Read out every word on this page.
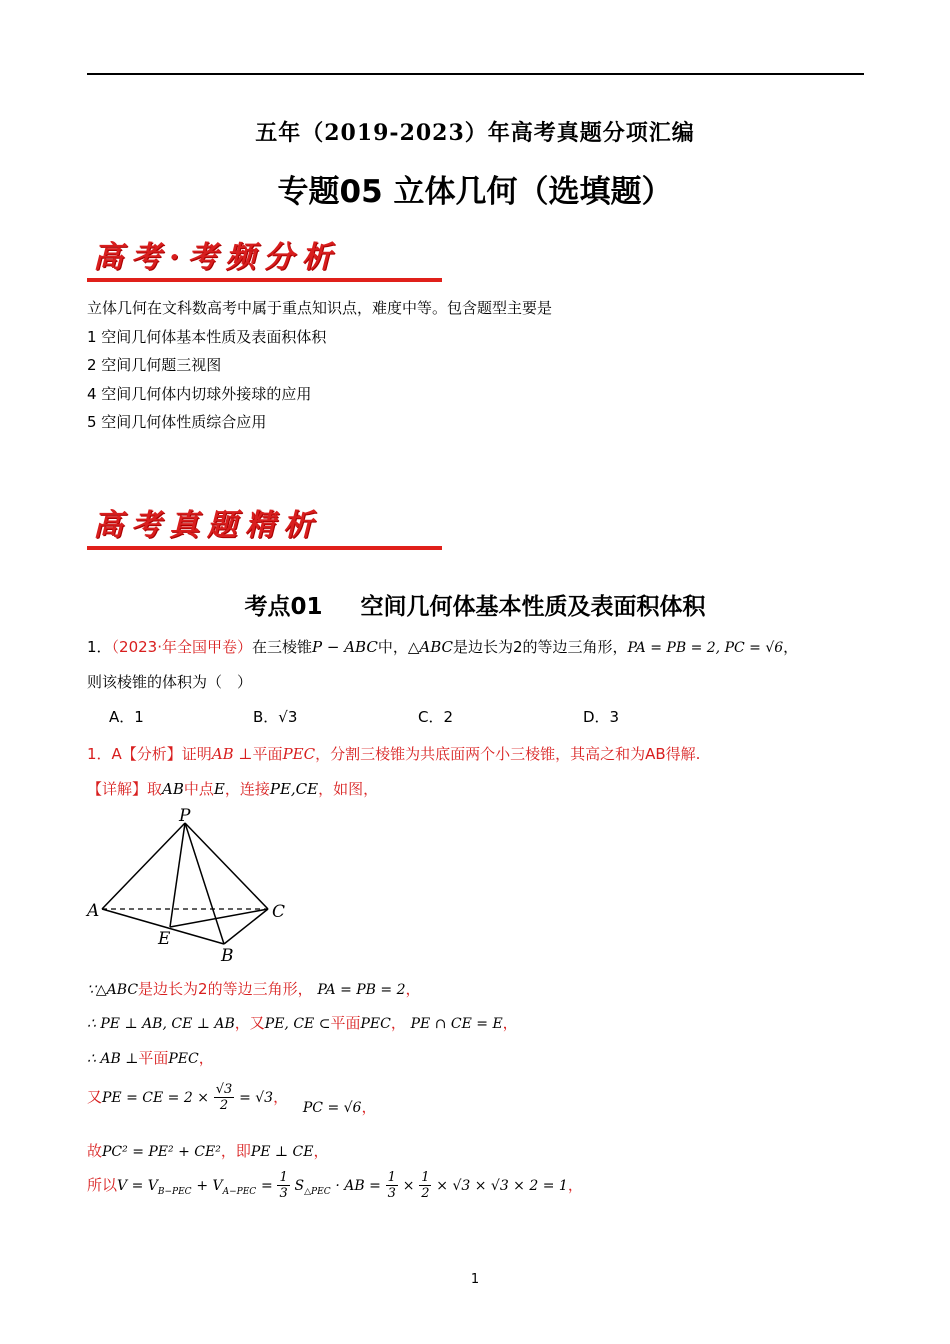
五年（2019-2023）年高考真题分项汇编
专题05 立体几何（选填题）
高考·考频分析

立体几何在文科数高考中属于重点知识点，难度中等。包含题型主要是

1 空间几何体基本性质及表面积体积

2 空间几何题三视图

4 空间几何体内切球外接球的应用

5 空间几何体性质综合应用

高考真题精析
考点01 空间几何体基本性质及表面积体积
1．（2023·年全国甲卷）在三棱锥P − ABC中，△ABC是边长为2的等边三角形，PA = PB = 2, PC = √6，
则该棱锥的体积为（　）
A．1	B．√3	C．2	D．3
1．A【分析】证明AB ⊥平面PEC，分割三棱锥为共底面两个小三棱锥，其高之和为AB得解.
【详解】取AB中点E，连接PE,CE，如图，
P
A	C
E
B
∵△ABC是边长为2的等边三角形， PA = PB = 2，
∴ PE ⊥ AB, CE ⊥ AB，又PE, CE ⊂平面PEC， PE ∩ CE = E，
∴ AB ⊥平面PEC，
又PE = CE = $2 \times \frac{√3}{2} = √3$， PC = √6，
故PC² = PE² + CE²，即PE ⊥ CE，
所以$V = V_{B-PEC} + V_{A-PEC} = \frac{1}{3} S_{\triangle PEC}$ · AB = $\frac{1}{3} \times \frac{1}{2} \times √3 \times √3 \times 2 = 1$，
1
